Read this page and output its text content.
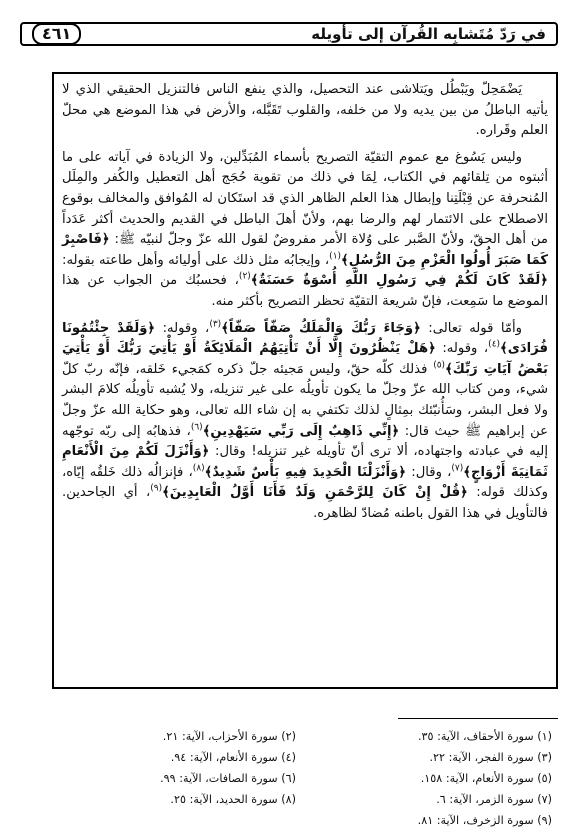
في رَدّ مُتَشابِه القُرآن إلى تأويله
٤٦١

يَضْمَحِلّ ويَبْطُل ويَتلاشى عند التحصيل، والذي ينفع الناس فالتنزيل الحقيقي الذي لا يأتيه الباطلُ من بين يديه ولا من خلفه، والقلوب تَقَبَّله، والأرض في هذا الموضع هي محلّ العلم وقَراره.

وليس يَسُوغ مع عموم التقيّة التصريح بأسماء المُبَدِّلين، ولا الزيادة في آياته على ما أثبتوه من تِلقائهم في الكتاب، لِمَا في ذلك من تقوية حُجَج أهل التعطيل والكُفر والمِلَل المُنحرفة عن قِبْلَتِنا وإبطال هذا العلم الظاهر الذي قد استَكان له المُوافق والمخالف بوقوع الاصطلاح على الائتمار لهم والرضا بهم، ولأنّ أهلَ الباطل في القديم والحديث أكثر عَدَداً من أهل الحقّ، ولأنّ الصَّبر على وُلاة الأمر مفروضٌ لقول الله عزّ وجلّ لنبيّه ﷺ: ﴿فَاصْبِرْ كَمَا صَبَرَ أُولُوا الْعَزْمِ مِنَ الرُّسُلِ﴾$^{(١)}$، وإيجابُه مثل ذلك على أوليائه وأهل طاعته بقوله: ﴿لَقَدْ كَانَ لَكُمْ فِي رَسُولِ اللَّهِ أُسْوَةٌ حَسَنَةٌ﴾$^{(٢)}$، فحسبُك من الجواب عن هذا الموضع ما سَمِعت، فإنّ شريعة التقيّة تحظر التصريح بأكثر منه.

وأمّا قوله تعالى: ﴿وَجَاءَ رَبُّكَ وَالْمَلَكُ صَفّاً صَفّاً﴾$^{(٣)}$، وقوله: ﴿وَلَقَدْ جِئْتُمُونَا فُرَادَى﴾$^{(٤)}$، وقوله: ﴿هَلْ يَنْظُرُونَ إِلَّا أَنْ تَأْتِيَهُمُ الْمَلَائِكَةُ أَوْ يَأْتِيَ رَبُّكَ أَوْ يَأْتِيَ بَعْضُ آيَاتِ رَبِّكَ﴾$^{(٥)}$ فذلك كلّه حقّ، وليس مَجيئه جلّ ذكره كمَجيء خَلقه، فإنّه ربّ كلّ شيء، ومن كتاب الله عزّ وجلّ ما يكون تأويلُه على غير تنزيله، ولا يُشبه تأويلُه كلامَ البشر ولا فعل البشر، وسَأُنبّئك بمِثالٍ لذلك تكتفي به إن شاء الله تعالى، وهو حكاية الله عزّ وجلّ عن إبراهيم ﷺ حيث قال: ﴿إِنِّي ذَاهِبٌ إِلَى رَبِّي سَيَهْدِينِ﴾$^{(٦)}$، فذهابُه إلى ربّه توجّهه إليه في عبادته واجتهاده، ألا ترى أنّ تأويله غير تنزيله! وقال: ﴿وَأَنْزَلَ لَكُمْ مِنَ الْأَنْعَامِ ثَمَانِيَةَ أَزْوَاجٍ﴾$^{(٧)}$، وقال: ﴿وَأَنْزَلْنَا الْحَدِيدَ فِيهِ بَأْسٌ شَدِيدٌ﴾$^{(٨)}$، فإنزالُه ذلك خَلقُه إيّاه، وكذلك قوله: ﴿قُلْ إِنْ كَانَ لِلرَّحْمَنِ وَلَدٌ فَأَنَا أَوَّلُ الْعَابِدِينَ﴾$^{(٩)}$، أي الجاحدين. فالتأويل في هذا القول باطنه مُضادّ لظاهره.

(١) سورة الأحقاف، الآية: ٣٥.
(٣) سورة الفجر، الآية: ٢٢.
(٥) سورة الأنعام، الآية: ١٥٨.
(٧) سورة الزمر، الآية: ٦.
(٩) سورة الزخرف، الآية: ٨١.
(٢) سورة الأحزاب، الآية: ٢١.
(٤) سورة الأنعام، الآية: ٩٤.
(٦) سورة الصافات، الآية: ٩٩.
(٨) سورة الحديد، الآية: ٢٥.
